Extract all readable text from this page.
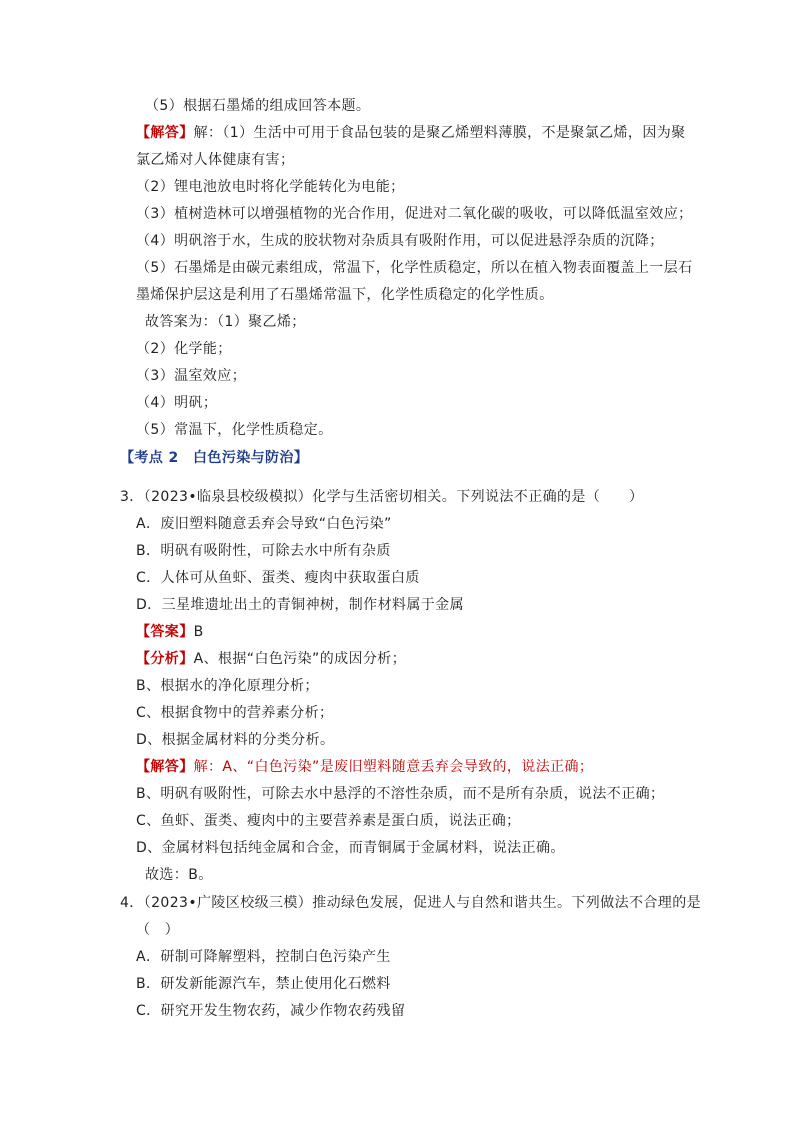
（5）根据石墨烯的组成回答本题。
【解答】解：（1）生活中可用于食品包装的是聚乙烯塑料薄膜，不是聚氯乙烯，因为聚
氯乙烯对人体健康有害；
（2）锂电池放电时将化学能转化为电能；
（3）植树造林可以增强植物的光合作用，促进对二氧化碳的吸收，可以降低温室效应；
（4）明矾溶于水，生成的胶状物对杂质具有吸附作用，可以促进悬浮杂质的沉降；
（5）石墨烯是由碳元素组成，常温下，化学性质稳定，所以在植入物表面覆盖上一层石
墨烯保护层这是利用了石墨烯常温下，化学性质稳定的化学性质。
故答案为：（1）聚乙烯；
（2）化学能；
（3）温室效应；
（4）明矾；
（5）常温下，化学性质稳定。
【考点 2　白色污染与防治】
3．（2023•临泉县校级模拟）化学与生活密切相关。下列说法不正确的是（　　）
A．废旧塑料随意丢弃会导致“白色污染”
B．明矾有吸附性，可除去水中所有杂质
C．人体可从鱼虾、蛋类、瘦肉中获取蛋白质
D．三星堆遗址出土的青铜神树，制作材料属于金属
【答案】B
【分析】A、根据“白色污染”的成因分析；
B、根据水的净化原理分析；
C、根据食物中的营养素分析；
D、根据金属材料的分类分析。
【解答】解：A、“白色污染”是废旧塑料随意丢弃会导致的，说法正确；
B、明矾有吸附性，可除去水中悬浮的不溶性杂质，而不是所有杂质，说法不正确；
C、鱼虾、蛋类、瘦肉中的主要营养素是蛋白质，说法正确；
D、金属材料包括纯金属和合金，而青铜属于金属材料，说法正确。
故选：B。
4．（2023•广陵区校级三模）推动绿色发展，促进人与自然和谐共生。下列做法不合理的是
（　）
A．研制可降解塑料，控制白色污染产生
B．研发新能源汽车，禁止使用化石燃料
C．研究开发生物农药，减少作物农药残留
